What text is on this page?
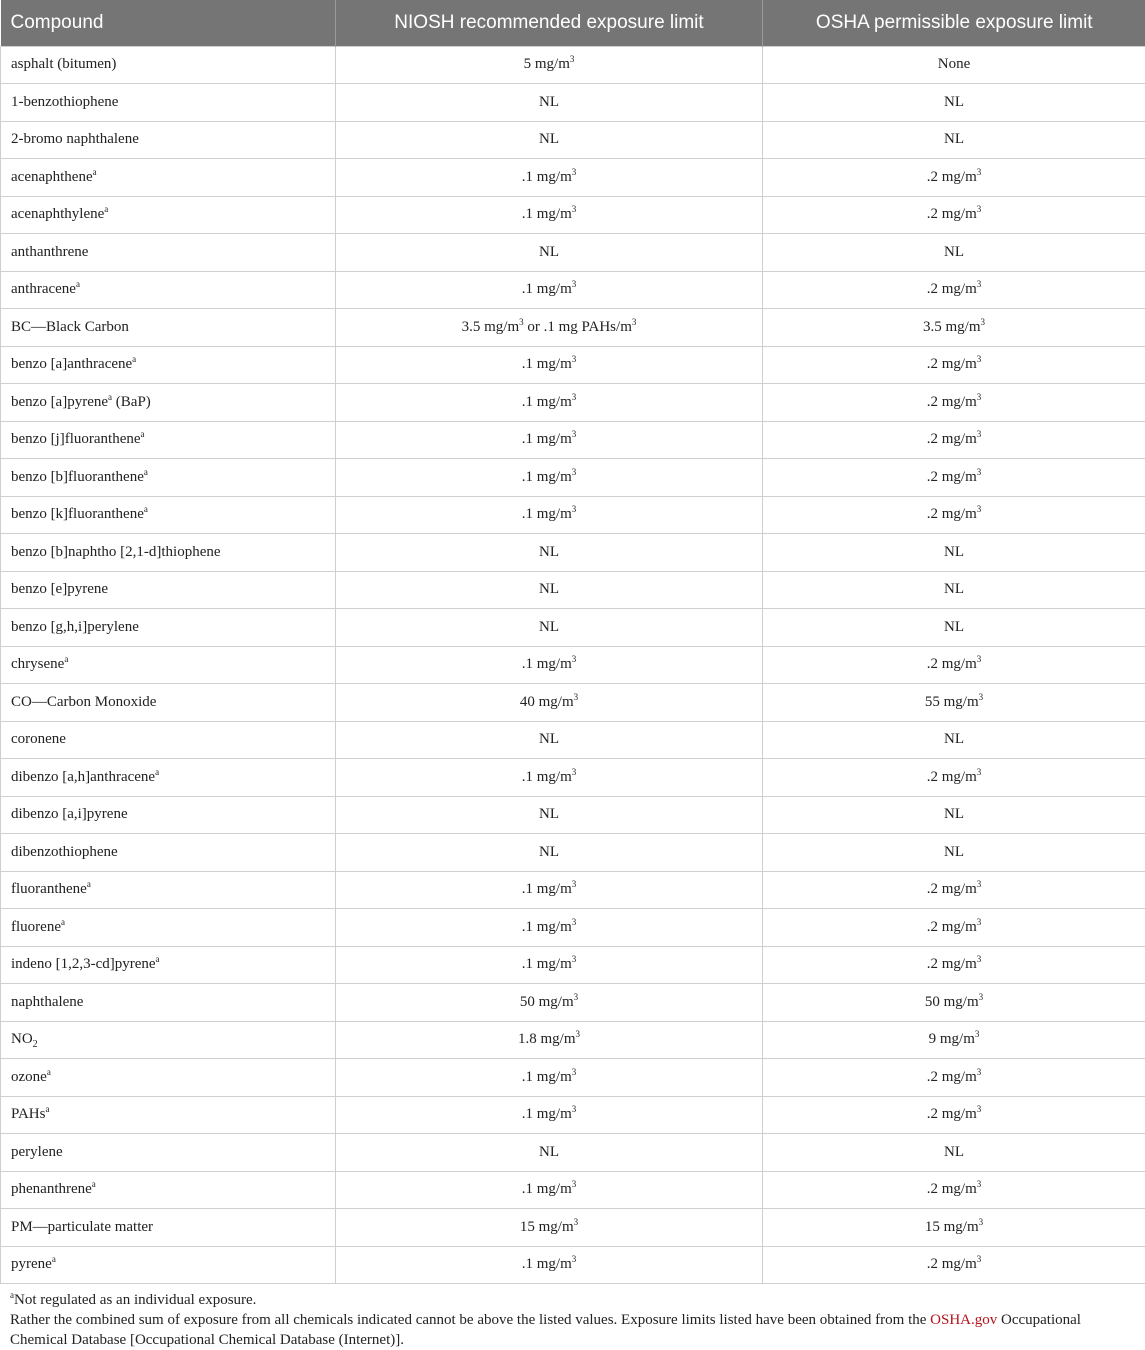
Compound	NIOSH recommended exposure limit	OSHA permissible exposure limit
asphalt (bitumen)	5 $mg/m^3$	None
1-benzothiophene	NL	NL
2-bromo naphthalene	NL	NL
acenaphthene$^a$	.1 $mg/m^3$	.2 $mg/m^3$
acenaphthylene$^a$	.1 $mg/m^3$	.2 $mg/m^3$
anthanthrene	NL	NL
anthracene$^a$	.1 $mg/m^3$	.2 $mg/m^3$
BC—Black Carbon	3.5 $mg/m^3$ or .1 mg PAHs/$m^3$	3.5 $mg/m^3$
benzo [a]anthracene$^a$	.1 $mg/m^3$	.2 $mg/m^3$
benzo [a]pyrene$^a$ (BaP)	.1 $mg/m^3$	.2 $mg/m^3$
benzo [j]fluoranthene$^a$	.1 $mg/m^3$	.2 $mg/m^3$
benzo [b]fluoranthene$^a$	.1 $mg/m^3$	.2 $mg/m^3$
benzo [k]fluoranthene$^a$	.1 $mg/m^3$	.2 $mg/m^3$
benzo [b]naphtho [2,1-d]thiophene	NL	NL
benzo [e]pyrene	NL	NL
benzo [g,h,i]perylene	NL	NL
chrysene$^a$	.1 $mg/m^3$	.2 $mg/m^3$
CO—Carbon Monoxide	40 $mg/m^3$	55 $mg/m^3$
coronene	NL	NL
dibenzo [a,h]anthracene$^a$	.1 $mg/m^3$	.2 $mg/m^3$
dibenzo [a,i]pyrene	NL	NL
dibenzothiophene	NL	NL
fluoranthene$^a$	.1 $mg/m^3$	.2 $mg/m^3$
fluorene$^a$	.1 $mg/m^3$	.2 $mg/m^3$
indeno [1,2,3-cd]pyrene$^a$	.1 $mg/m^3$	.2 $mg/m^3$
naphthalene	50 $mg/m^3$	50 $mg/m^3$
$NO_2$	1.8 $mg/m^3$	9 $mg/m^3$
ozone$^a$	.1 $mg/m^3$	.2 $mg/m^3$
PAHs$^a$	.1 $mg/m^3$	.2 $mg/m^3$
perylene	NL	NL
phenanthrene$^a$	.1 $mg/m^3$	.2 $mg/m^3$
PM—particulate matter	15 $mg/m^3$	15 $mg/m^3$
pyrene$^a$	.1 $mg/m^3$	.2 $mg/m^3$
$^a$Not regulated as an individual exposure.
Rather the combined sum of exposure from all chemicals indicated cannot be above the listed values. Exposure limits listed have been obtained from the OSHA.gov Occupational Chemical Database [Occupational Chemical Database (Internet)].
